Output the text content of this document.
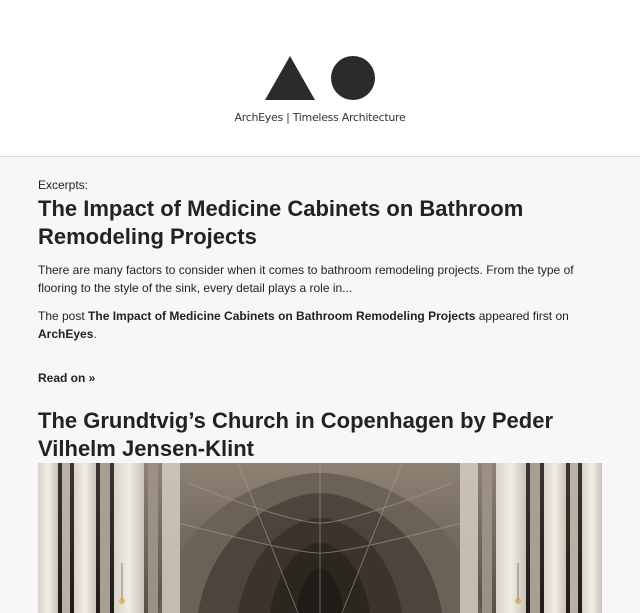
ArchEyes | Timeless Architecture
Excerpts:
The Impact of Medicine Cabinets on Bathroom Remodeling Projects

There are many factors to consider when it comes to bathroom remodeling projects. From the type of flooring to the style of the sink, every detail plays a role in...

The post The Impact of Medicine Cabinets on Bathroom Remodeling Projects appeared first on ArchEyes.

Read on »
The Grundtvig’s Church in Copenhagen by Peder Vilhelm Jensen-Klint
